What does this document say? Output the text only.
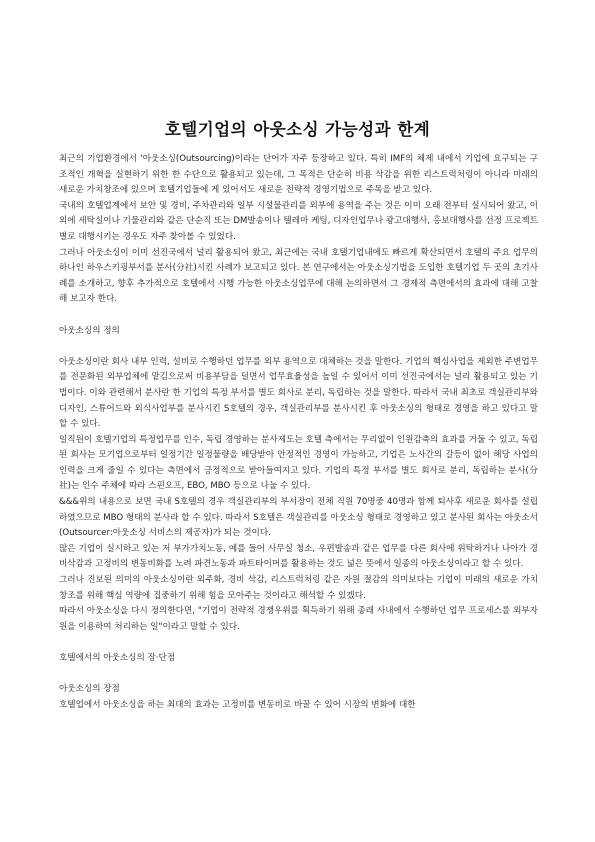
호텔기업의 아웃소싱 가능성과 한계

최근의 기업환경에서 '아웃소싱(Outsourcing)이라는 단어가 자주 등장하고 있다. 특히 IMF의 체제 내에서 기업에 요구되는 구조적인 개혁을 실현하기 위한 한 수단으로 활용되고 있는데, 그 목적은 단순히 비용 삭감을 위한 리스트럭처링이 아니라 미래의 새로운 가치창조에 있으며 호텔기업들에 게 있어서도 새로운 전략적 경영기법으로 주목을 받고 있다.

국내의 호텔업계에서 보안 및 경비, 주차관리와 일부 시설물관리를 외부에 용역을 주는 것은 이미 오래 전부터 실시되어 왔고, 이외에 세탁실이나 기물관리와 같은 단순직 또는 DM발송이나 텔레마 케팅, 디자인업무나 광고대행사, 홍보대행사를 선정 프로젝트별로 대행시키는 경우도 자주 찾아볼 수 있었다.

그러나 아웃소싱이 이미 선진국에서 널리 활용되어 왔고, 최근에는 국내 호텔기업내에도 빠르게 확산되면서 호텔의 주요 업무의 하나인 하우스키핑부서를 분사(分社)시킨 사례가 보고되고 있다. 본 연구에서는 아웃소싱기법을 도입한 호텔기업 두 곳의 초기사례를 소개하고, 향후 추가적으로 호텔에서 시행 가능한 아웃소싱업무에 대해 논의하면서 그 경제적 측면에서의 효과에 대해 고찰해 보고자 한다.

아웃소싱의 정의

아웃소싱이란 회사 내부 인력, 설비로 수행하던 업무를 외부 용역으로 대체하는 것을 말한다. 기업의 핵심사업을 제외한 주변업무를 전문화된 외부업체에 맡김으로써 비용부담을 덜면서 업무효율성을 높일 수 있어서 이미 선진국에서는 널리 활용되고 있는 기법이다. 이와 관련해서 분사란 한 기업의 특정 부서를 별도 회사로 분리, 독립하는 것을 말한다. 따라서 국내 최초로 객실관리부와 디자인, 스튜어드와 외식사업부를 분사시킨 S호텔의 경우, 객실관리부를 분사시킨 후 아웃소싱의 형태로 경영을 하고 있다고 말할 수 있다.

일직원이 호텔기업의 특정업무를 인수, 독립 경영하는 분사제도는 호텔 측에서는 무리없이 인원감축의 효과를 거둘 수 있고, 독립된 회사는 모기업으로부터 일정기간 일정물량을 배당받아 안정적인 경영이 가능하고, 기업은 노사간의 갈등이 없이 해당 사업의 인력을 크게 줄일 수 있다는 측면에서 긍정적으로 받아들여지고 있다. 기업의 특정 부서를 별도 회사로 분리, 독립하는 분사(分社)는 인수 주체에 따라 스핀오프, EBO, MBO 등으로 나눌 수 있다.

&&&위의 내용으로 보면 국내 S호텔의 경우 객실관리부의 부서장이 전체 직원 70명중 40명과 함께 퇴사후 새로운 회사를 설립하였으므로 MBO 형태의 분사라 할 수 있다. 따라서 S호텔은 객실관리를 아웃소싱 형태로 경영하고 있고 분사된 회사는 아웃소서(Outsourcer:아웃소싱 서비스의 제공자)가 되는 것이다.

많은 기업이 실시하고 있는 저 부가가치노동, 예를 들어 사무실 청소, 우편발송과 같은 업무를 다른 회사에 위탁하거나 나아가 경비삭감과 고정비의 변동비화를 노려 파견노동과 파트타이머를 활용하는 것도 넓은 뜻에서 일종의 아웃소싱이라고 할 수 있다.

그러나 진보된 의미의 아웃소싱이란 외주화, 경비 삭감, 리스트럭처링 같은 자원 절감의 의미보다는 기업이 미래의 새로운 가치 창조를 위해 핵심 역량에 집중하기 위해 힘을 모아주는 것이라고 해석할 수 있겠다.

따라서 아웃소싱을 다시 정의한다면, "기업이 전략적 경쟁우위를 획득하기 위해 종래 사내에서 수행하던 업무 프로세스를 외부자원을 이용하여 처리하는 일"이라고 말할 수 있다.

호텔에서의 아웃소싱의 장·단점

아웃소싱의 장점

호텔업에서 아웃소싱을 하는 최대의 효과는 고정비를 변동비로 바꿀 수 있어 시장의 변화에 대한
